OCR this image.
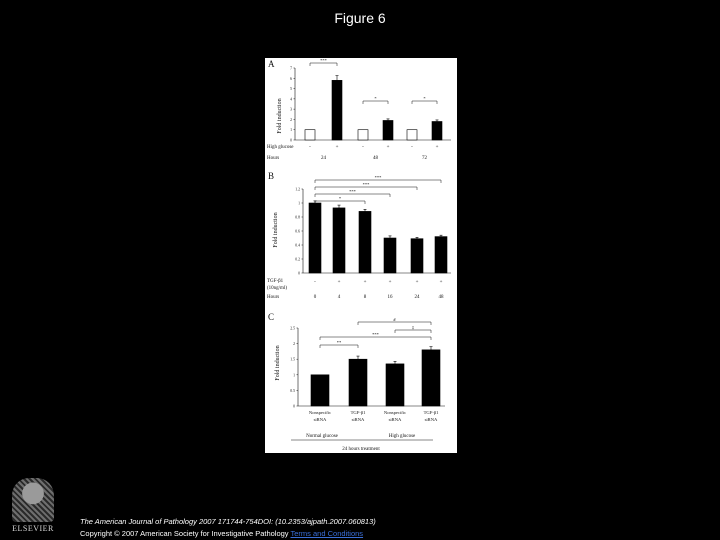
Figure 6
A
Fold induction
High glucose
Hours
B
Fold induction
TGF-β1
(10ng/ml)
Hours
C
Fold induction
Normal glucose	High glucose
24 hours treatment
0
1
2
3
4
5
6
7
-	+	-	+	-	+
24	48	72
***
*	*
0
0.2
0.4
0.6
0.8
1
1.2
-	+	+	+	+	+
0	4	8	16	24	48
***
***
***
*
0
0.5
1
1.5
2
2.5
Nonspecific
siRNA
TGF-β1
siRNA
Nonspecific
siRNA
TGF-β1
siRNA
#
‡
***
**
ELSEVIER
The American Journal of Pathology 2007 171744-754DOI: (10.2353/ajpath.2007.060813)
Copyright © 2007 American Society for Investigative Pathology Terms and Conditions
